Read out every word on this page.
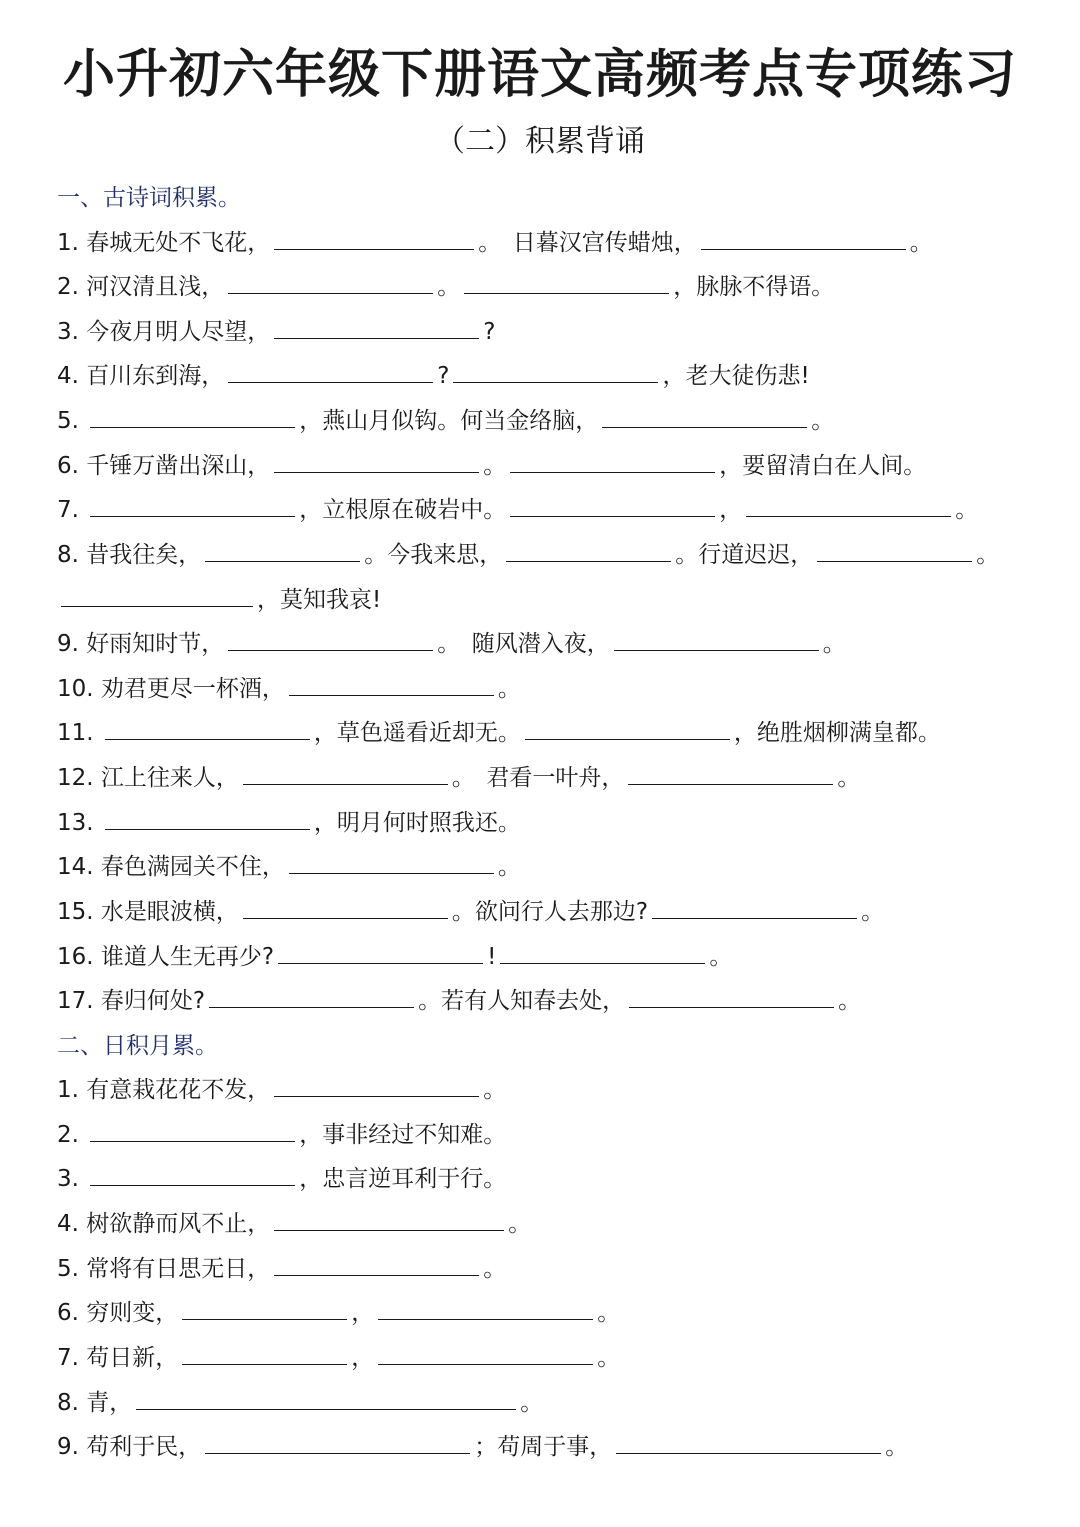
小升初六年级下册语文高频考点专项练习
（二）积累背诵
一、古诗词积累。
1. 春城无处不飞花，	。　日暮汉宫传蜡烛，	。
2. 河汉清且浅，	。	，脉脉不得语。
3. 今夜月明人尽望，	?
4. 百川东到海，	?	，老大徒伤悲!
5.	，燕山月似钩。何当金络脑，	。
6. 千锤万凿出深山，	。	，要留清白在人间。
7.	，立根原在破岩中。	，	。
8. 昔我往矣，	。今我来思，	。行道迟迟，	。
，莫知我哀!
9. 好雨知时节，	。　随风潜入夜，	。
10. 劝君更尽一杯酒，	。
11.	，草色遥看近却无。	，绝胜烟柳满皇都。
12. 江上往来人，	。　君看一叶舟，	。
13.	，明月何时照我还。
14. 春色满园关不住，	。
15. 水是眼波横，	。欲问行人去那边?	。
16. 谁道人生无再少?	!	。
17. 春归何处?	。若有人知春去处，	。
二、日积月累。
1. 有意栽花花不发，	。
2.	，事非经过不知难。
3.	，忠言逆耳利于行。
4. 树欲静而风不止，	。
5. 常将有日思无日，	。
6. 穷则变，	，	。
7. 苟日新，	，	。
8. 青，	。
9. 苟利于民，	；苟周于事，	。
